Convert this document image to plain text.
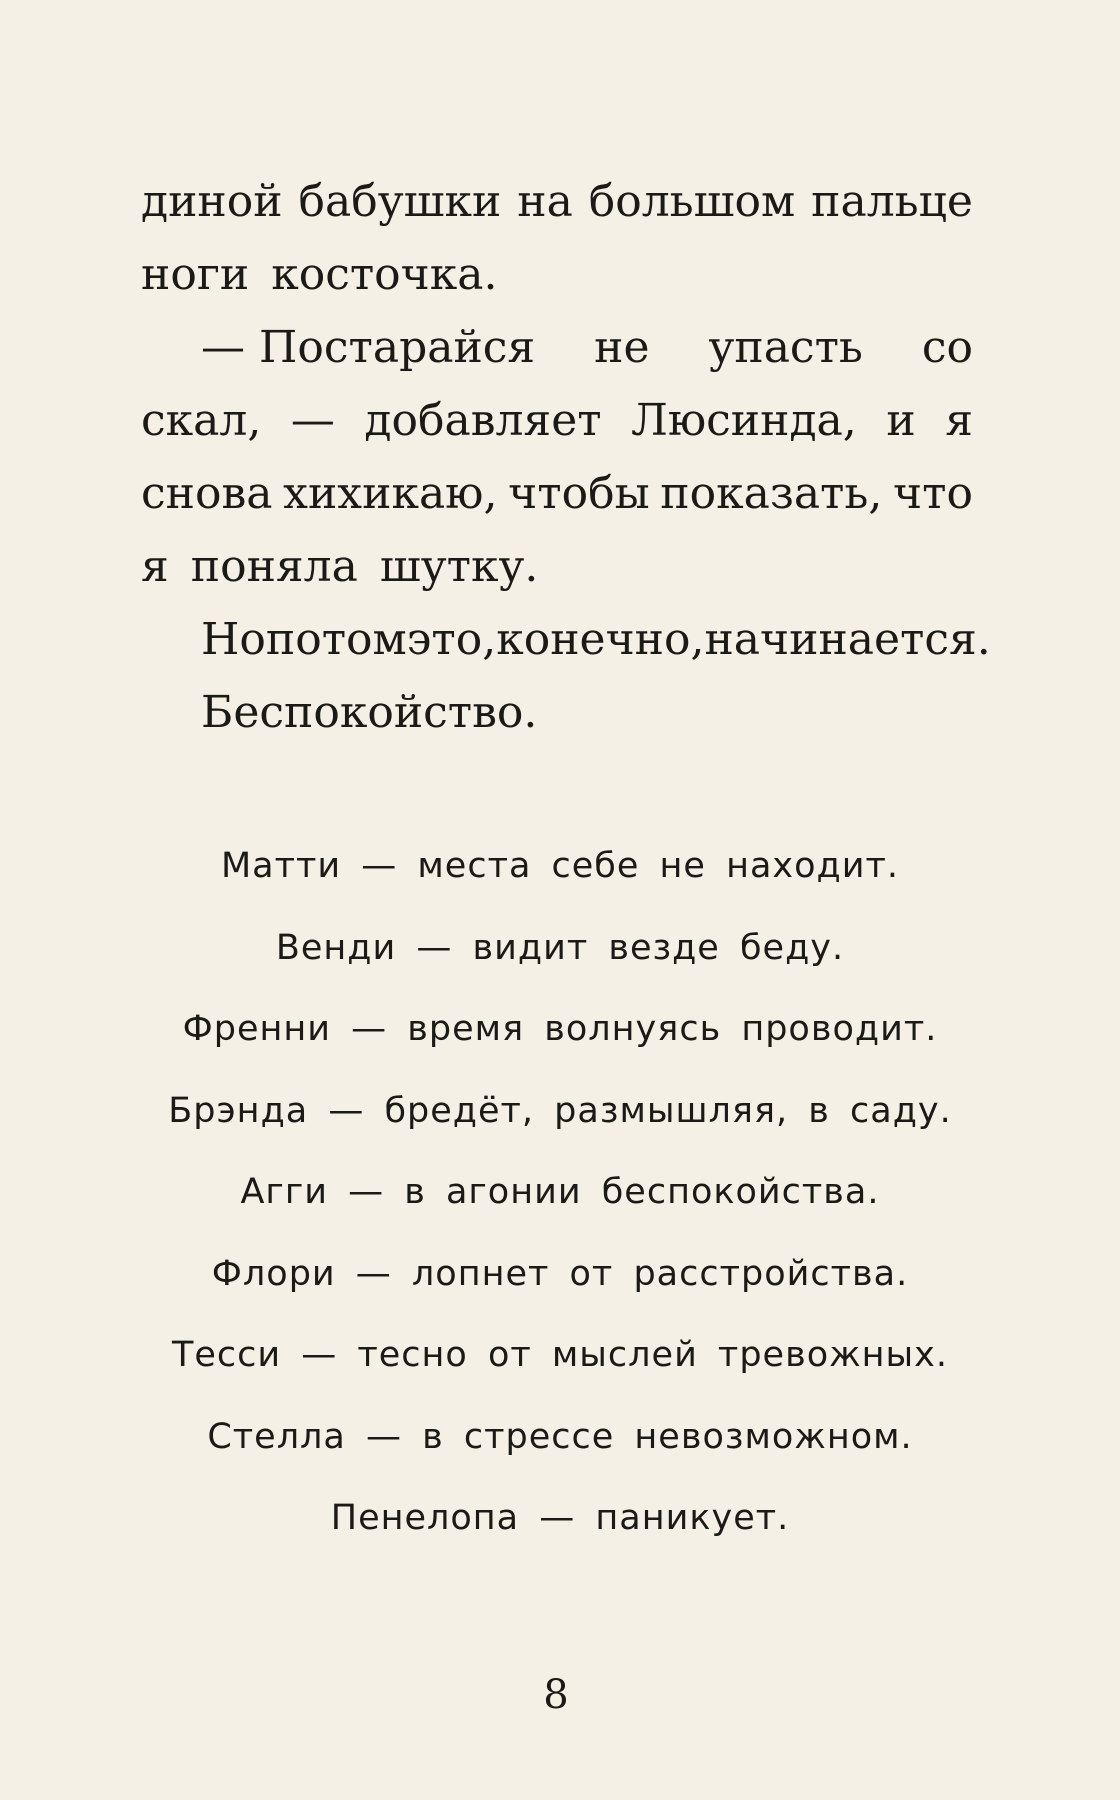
диной бабушки на большом пальце
ноги косточка.
— Постарайся не упасть со
скал, — добавляет Люсинда, и я
снова хихикаю, чтобы показать, что
я поняла шутку.
Но потом это, конечно, начинается.
Беспокойство.
Матти — места себе не находит.
Венди — видит везде беду.
Френни — время волнуясь проводит.
Брэнда — бредёт, размышляя, в саду.
Агги — в агонии беспокойства.
Флори — лопнет от расстройства.
Тесси — тесно от мыслей тревожных.
Стелла — в стрессе невозможном.
Пенелопа — паникует.
8
